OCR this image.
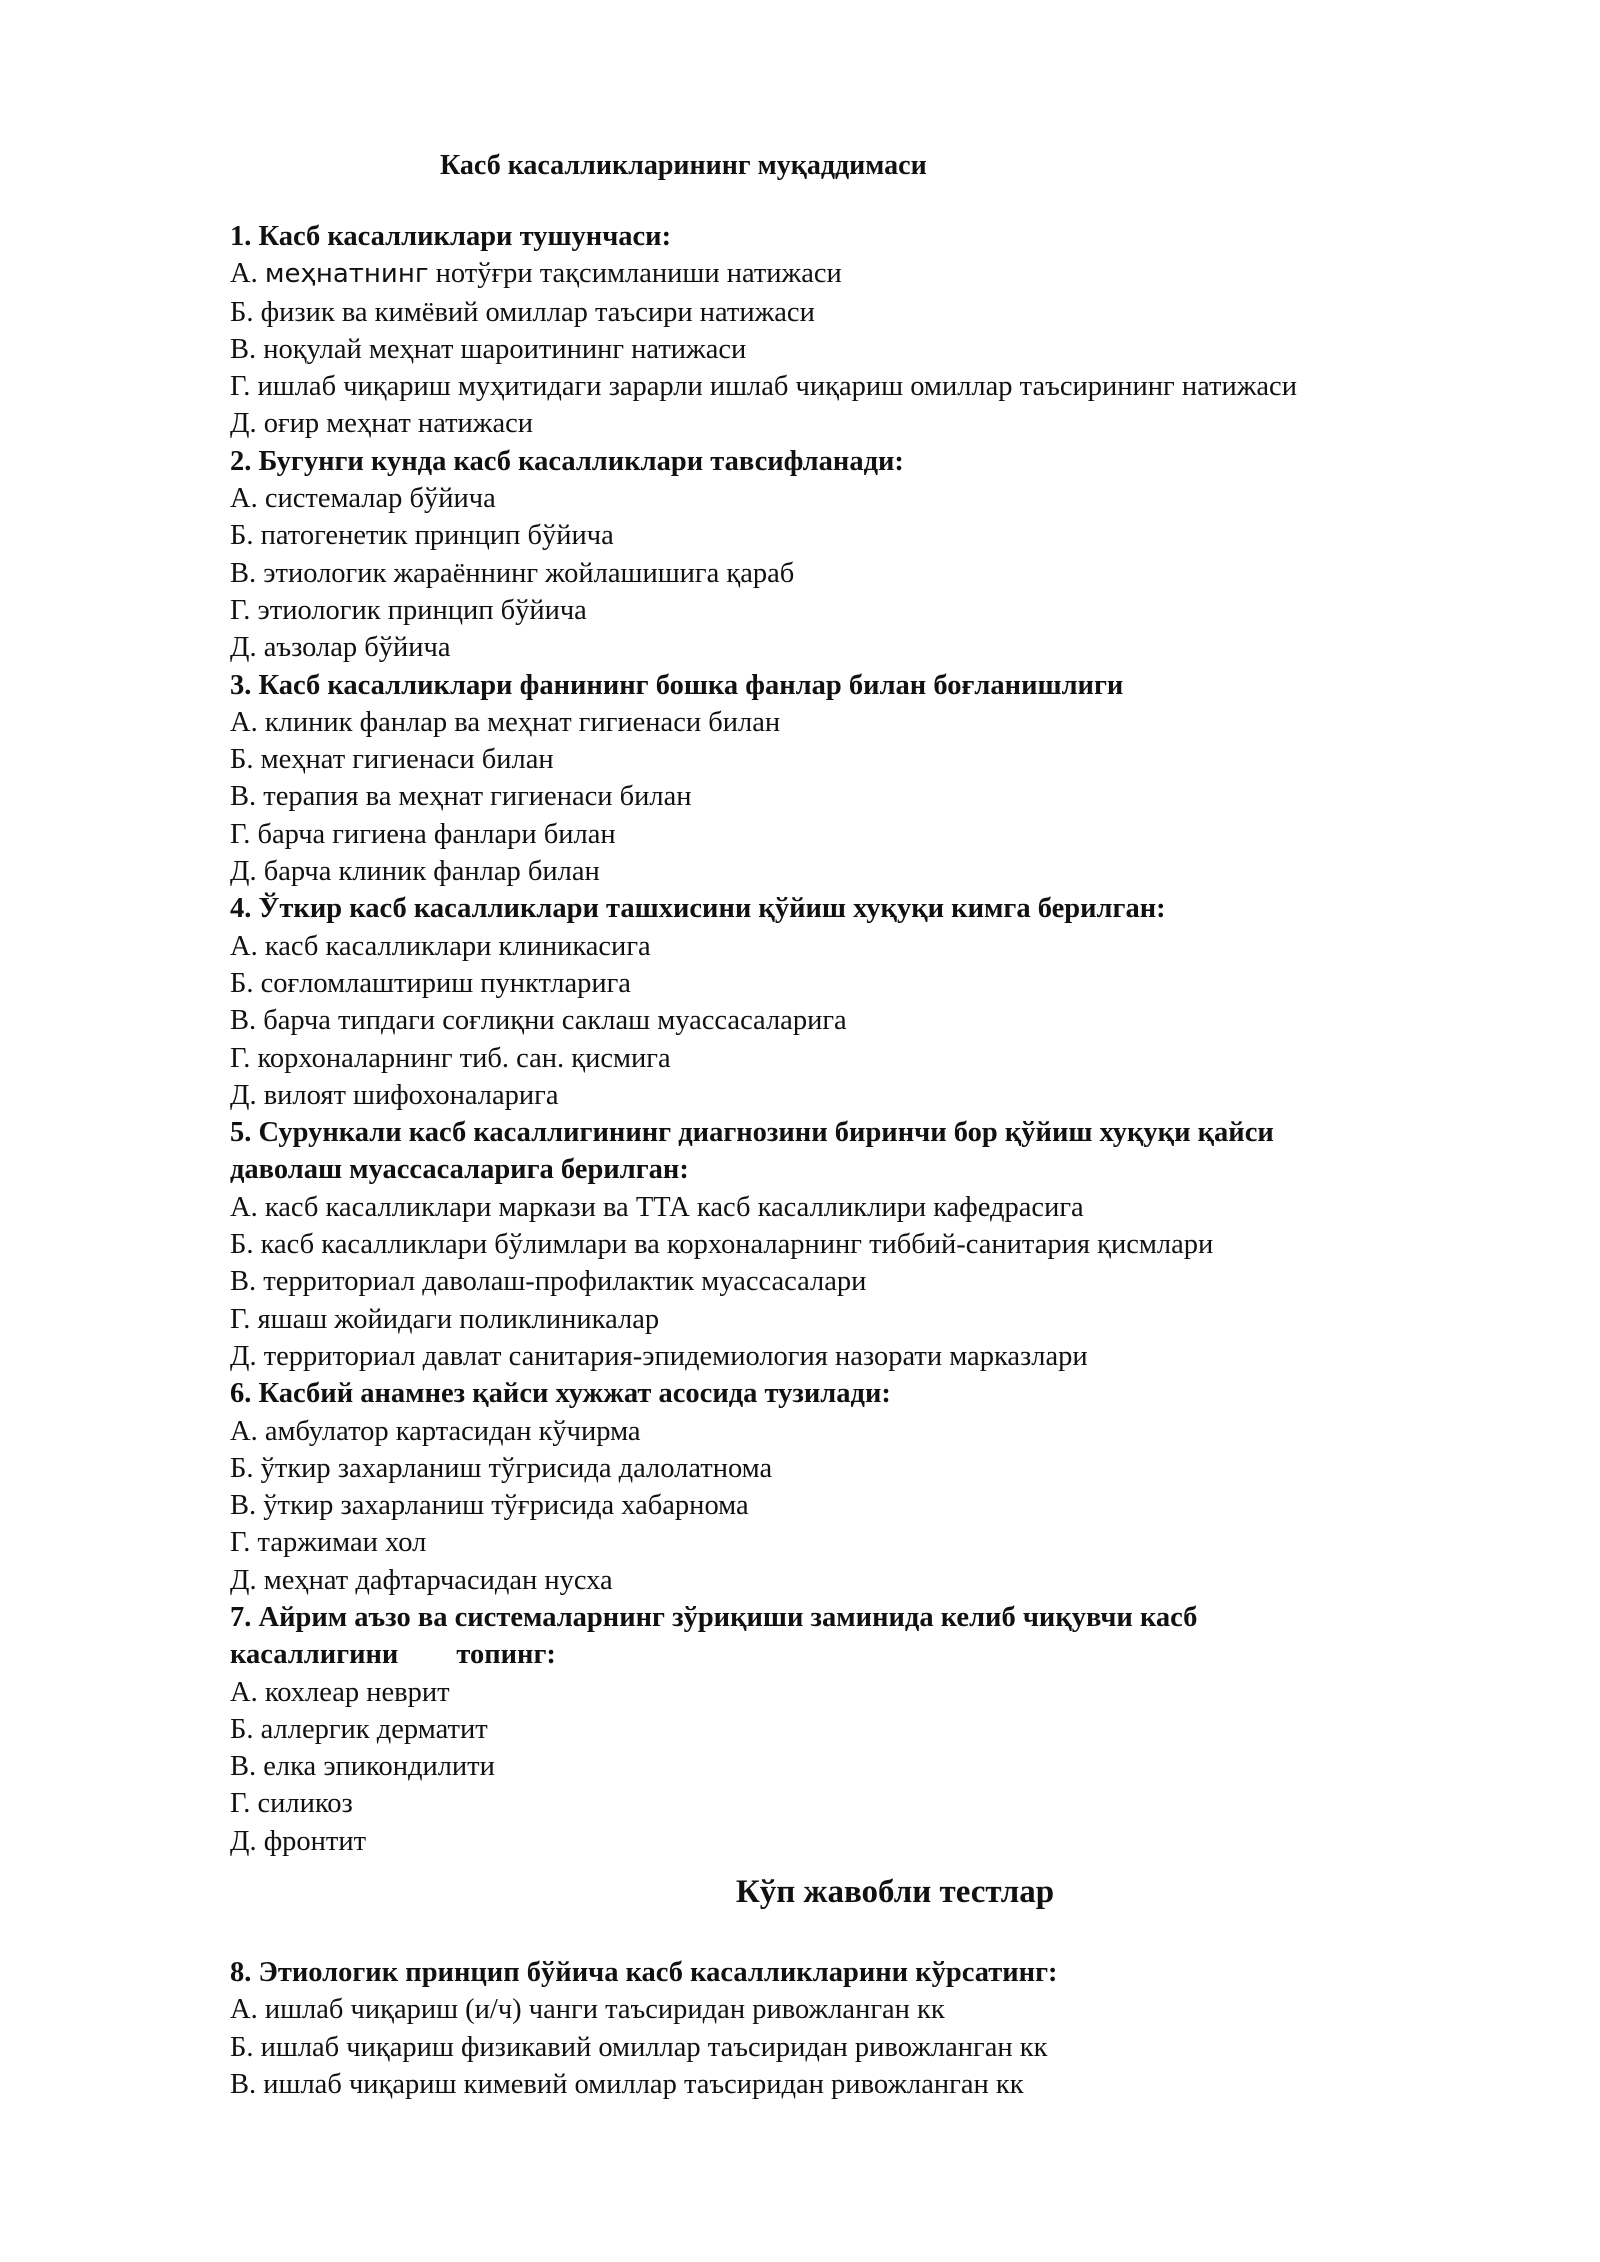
Касб касалликларининг муқаддимаси
1. Касб касалликлари тушунчаси:
А. меҳнатнинг нотўғри тақсимланиши натижаси
Б. физик ва кимёвий омиллар таъсири натижаси
В. ноқулай меҳнат шароитининг натижаси
Г. ишлаб чиқариш муҳитидаги зарарли ишлаб чиқариш омиллар таъсирининг натижаси
Д. оғир меҳнат натижаси
2. Бугунги кунда касб касалликлари тавсифланади:
А. системалар бўйича
Б. патогенетик принцип бўйича
В. этиологик жараённинг жойлашишига қараб
Г. этиологик принцип бўйича
Д. аъзолар бўйича
3. Касб касалликлари фанининг бошка фанлар билан боғланишлиги
А. клиник фанлар ва меҳнат гигиенаси билан
Б. меҳнат гигиенаси билан
В. терапия ва меҳнат гигиенаси билан
Г. барча гигиена фанлари билан
Д. барча клиник фанлар билан
4. Ўткир касб касалликлари ташхисини қўйиш хуқуқи кимга берилган:
А. касб касалликлари клиникасига
Б. соғломлаштириш пунктларига
В. барча типдаги соғлиқни саклаш муассасаларига
Г. корхоналарнинг тиб. сан. қисмига
Д. вилоят шифохоналарига
5. Сурункали касб касаллигининг диагнозини биринчи бор қўйиш хуқуқи қайси
даволаш муассасаларига берилган:
А. касб касалликлари маркази ва ТТА касб касалликлири кафедрасига
Б. касб касалликлари бўлимлари ва корхоналарнинг тиббий-санитария қисмлари
В. территориал даволаш-профилактик муассасалари
Г. яшаш жойидаги поликлиникалар
Д. территориал давлат санитария-эпидемиология назорати марказлари
6. Касбий анамнез қайси хужжат асосида тузилади:
А. амбулатор картасидан кўчирма
Б. ўткир захарланиш тўгрисида далолатнома
В. ўткир захарланиш тўғрисида хабарнома
Г. таржимаи хол
Д. меҳнат дафтарчасидан нусха
7. Айрим аъзо ва системаларнинг зўриқиши заминида келиб чиқувчи касб
касаллигини топинг:
А. кохлеар неврит
Б. аллергик дерматит
В. елка эпикондилити
Г. силикоз
Д. фронтит
Кўп жавобли тестлар
8. Этиологик принцип бўйича касб касалликларини кўрсатинг:
А. ишлаб чиқариш (и/ч) чанги таъсиридан ривожланган кк
Б. ишлаб чиқариш физикавий омиллар таъсиридан ривожланган кк
В. ишлаб чиқариш кимевий омиллар таъсиридан ривожланган кк
